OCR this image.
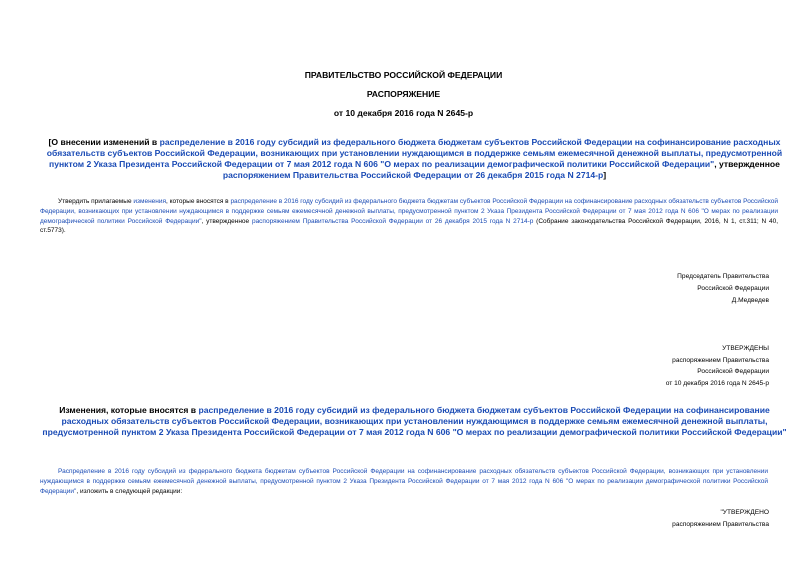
ПРАВИТЕЛЬСТВО РОССИЙСКОЙ ФЕДЕРАЦИИ
РАСПОРЯЖЕНИЕ
от 10 декабря 2016 года N 2645-р
[О внесении изменений в распределение в 2016 году субсидий из федерального бюджета бюджетам субъектов Российской Федерации на софинансирование расходных обязательств субъектов Российской Федерации, возникающих при установлении нуждающимся в поддержке семьям ежемесячной денежной выплаты, предусмотренной пунктом 2 Указа Президента Российской Федерации от 7 мая 2012 года N 606 "О мерах по реализации демографической политики Российской Федерации", утвержденное распоряжением Правительства Российской Федерации от 26 декабря 2015 года N 2714-р]
Утвердить прилагаемые изменения, которые вносятся в распределение в 2016 году субсидий из федерального бюджета бюджетам субъектов Российской Федерации на софинансирование расходных обязательств субъектов Российской Федерации, возникающих при установлении нуждающимся в поддержке семьям ежемесячной денежной выплаты, предусмотренной пунктом 2 Указа Президента Российской Федерации от 7 мая 2012 года N 606 "О мерах по реализации демографической политики Российской Федерации", утвержденное распоряжением Правительства Российской Федерации от 26 декабря 2015 года N 2714-р (Собрание законодательства Российской Федерации, 2016, N 1, ст.311; N 40, ст.5773).
Председатель Правительства
Российской Федерации
Д.Медведев
УТВЕРЖДЕНЫ
распоряжением Правительства
Российской Федерации
от 10 декабря 2016 года N 2645-р
Изменения, которые вносятся в распределение в 2016 году субсидий из федерального бюджета бюджетам субъектов Российской Федерации на софинансирование расходных обязательств субъектов Российской Федерации, возникающих при установлении нуждающимся в поддержке семьям ежемесячной денежной выплаты, предусмотренной пунктом 2 Указа Президента Российской Федерации от 7 мая 2012 года N 606 "О мерах по реализации демографической политики Российской Федерации"
Распределение в 2016 году субсидий из федерального бюджета бюджетам субъектов Российской Федерации на софинансирование расходных обязательств субъектов Российской Федерации, возникающих при установлении нуждающимся в поддержке семьям ежемесячной денежной выплаты, предусмотренной пунктом 2 Указа Президента Российской Федерации от 7 мая 2012 года N 606 "О мерах по реализации демографической политики Российской Федерации", изложить в следующей редакции:
"УТВЕРЖДЕНО
распоряжением Правительства
